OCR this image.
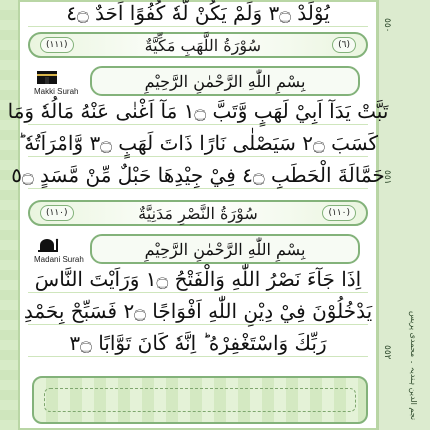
٥٥٠
٥٥١
٥٥٢	نجم الدين ہندیہ ۔ محمدی پریس
يُوْلَدْ ۝٣ وَلَمْ يَكُنْ لَّهٗ كُفُوًا اَحَدٌ ۝٤
(١١١)	سُوْرَةُ اللَّهَبِ مَكِّيَّةٌ	(٦)
Makki Surah
بِسْمِ اللّٰهِ الرَّحْمٰنِ الرَّحِيْمِ
تَبَّتْ يَدَآ اَبِيْ لَهَبٍ وَّتَبَّ ۝١ مَآ اَغْنٰى عَنْهُ مَالُهٗ وَمَا
كَسَبَ ۝٢ سَيَصْلٰى نَارًا ذَاتَ لَهَبٍ ۝٣ وَّامْرَاَتُهٗ ؕ
حَمَّالَةَ الْحَطَبِ ۝٤ فِيْ جِيْدِهَا حَبْلٌ مِّنْ مَّسَدٍ ۝٥
(١١٠)	سُوْرَةُ النَّصْرِ مَدَنِيَّةٌ	(١١٠)
Madani Surah
بِسْمِ اللّٰهِ الرَّحْمٰنِ الرَّحِيْمِ
اِذَا جَآءَ نَصْرُ اللّٰهِ وَالْفَتْحُ ۝١ وَرَاَيْتَ النَّاسَ
يَدْخُلُوْنَ فِيْ دِيْنِ اللّٰهِ اَفْوَاجًا ۝٢ فَسَبِّحْ بِحَمْدِ
رَبِّكَ وَاسْتَغْفِرْهُ ؕ اِنَّهٗ كَانَ تَوَّابًا ۝٣
